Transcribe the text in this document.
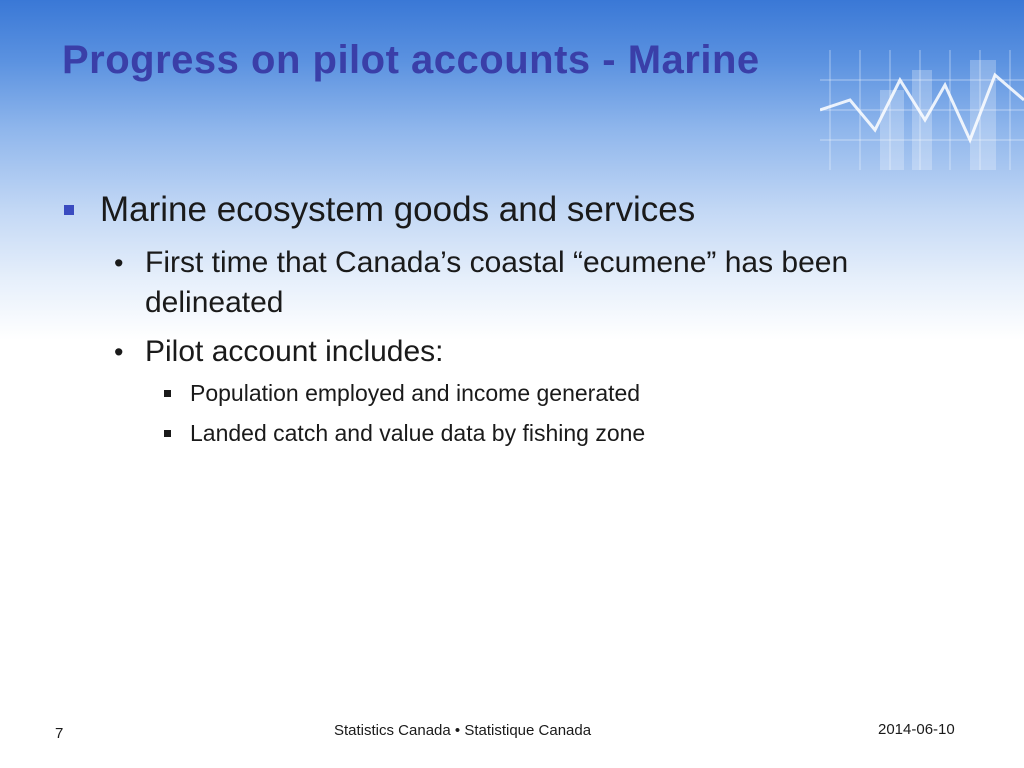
Progress on pilot accounts - Marine
Marine ecosystem goods and services
• First time that Canada’s coastal “ecumene” has been delineated
• Pilot account includes:
Population employed and income generated
Landed catch and value data by fishing zone
7	Statistics Canada • Statistique Canada	2014-06-10
